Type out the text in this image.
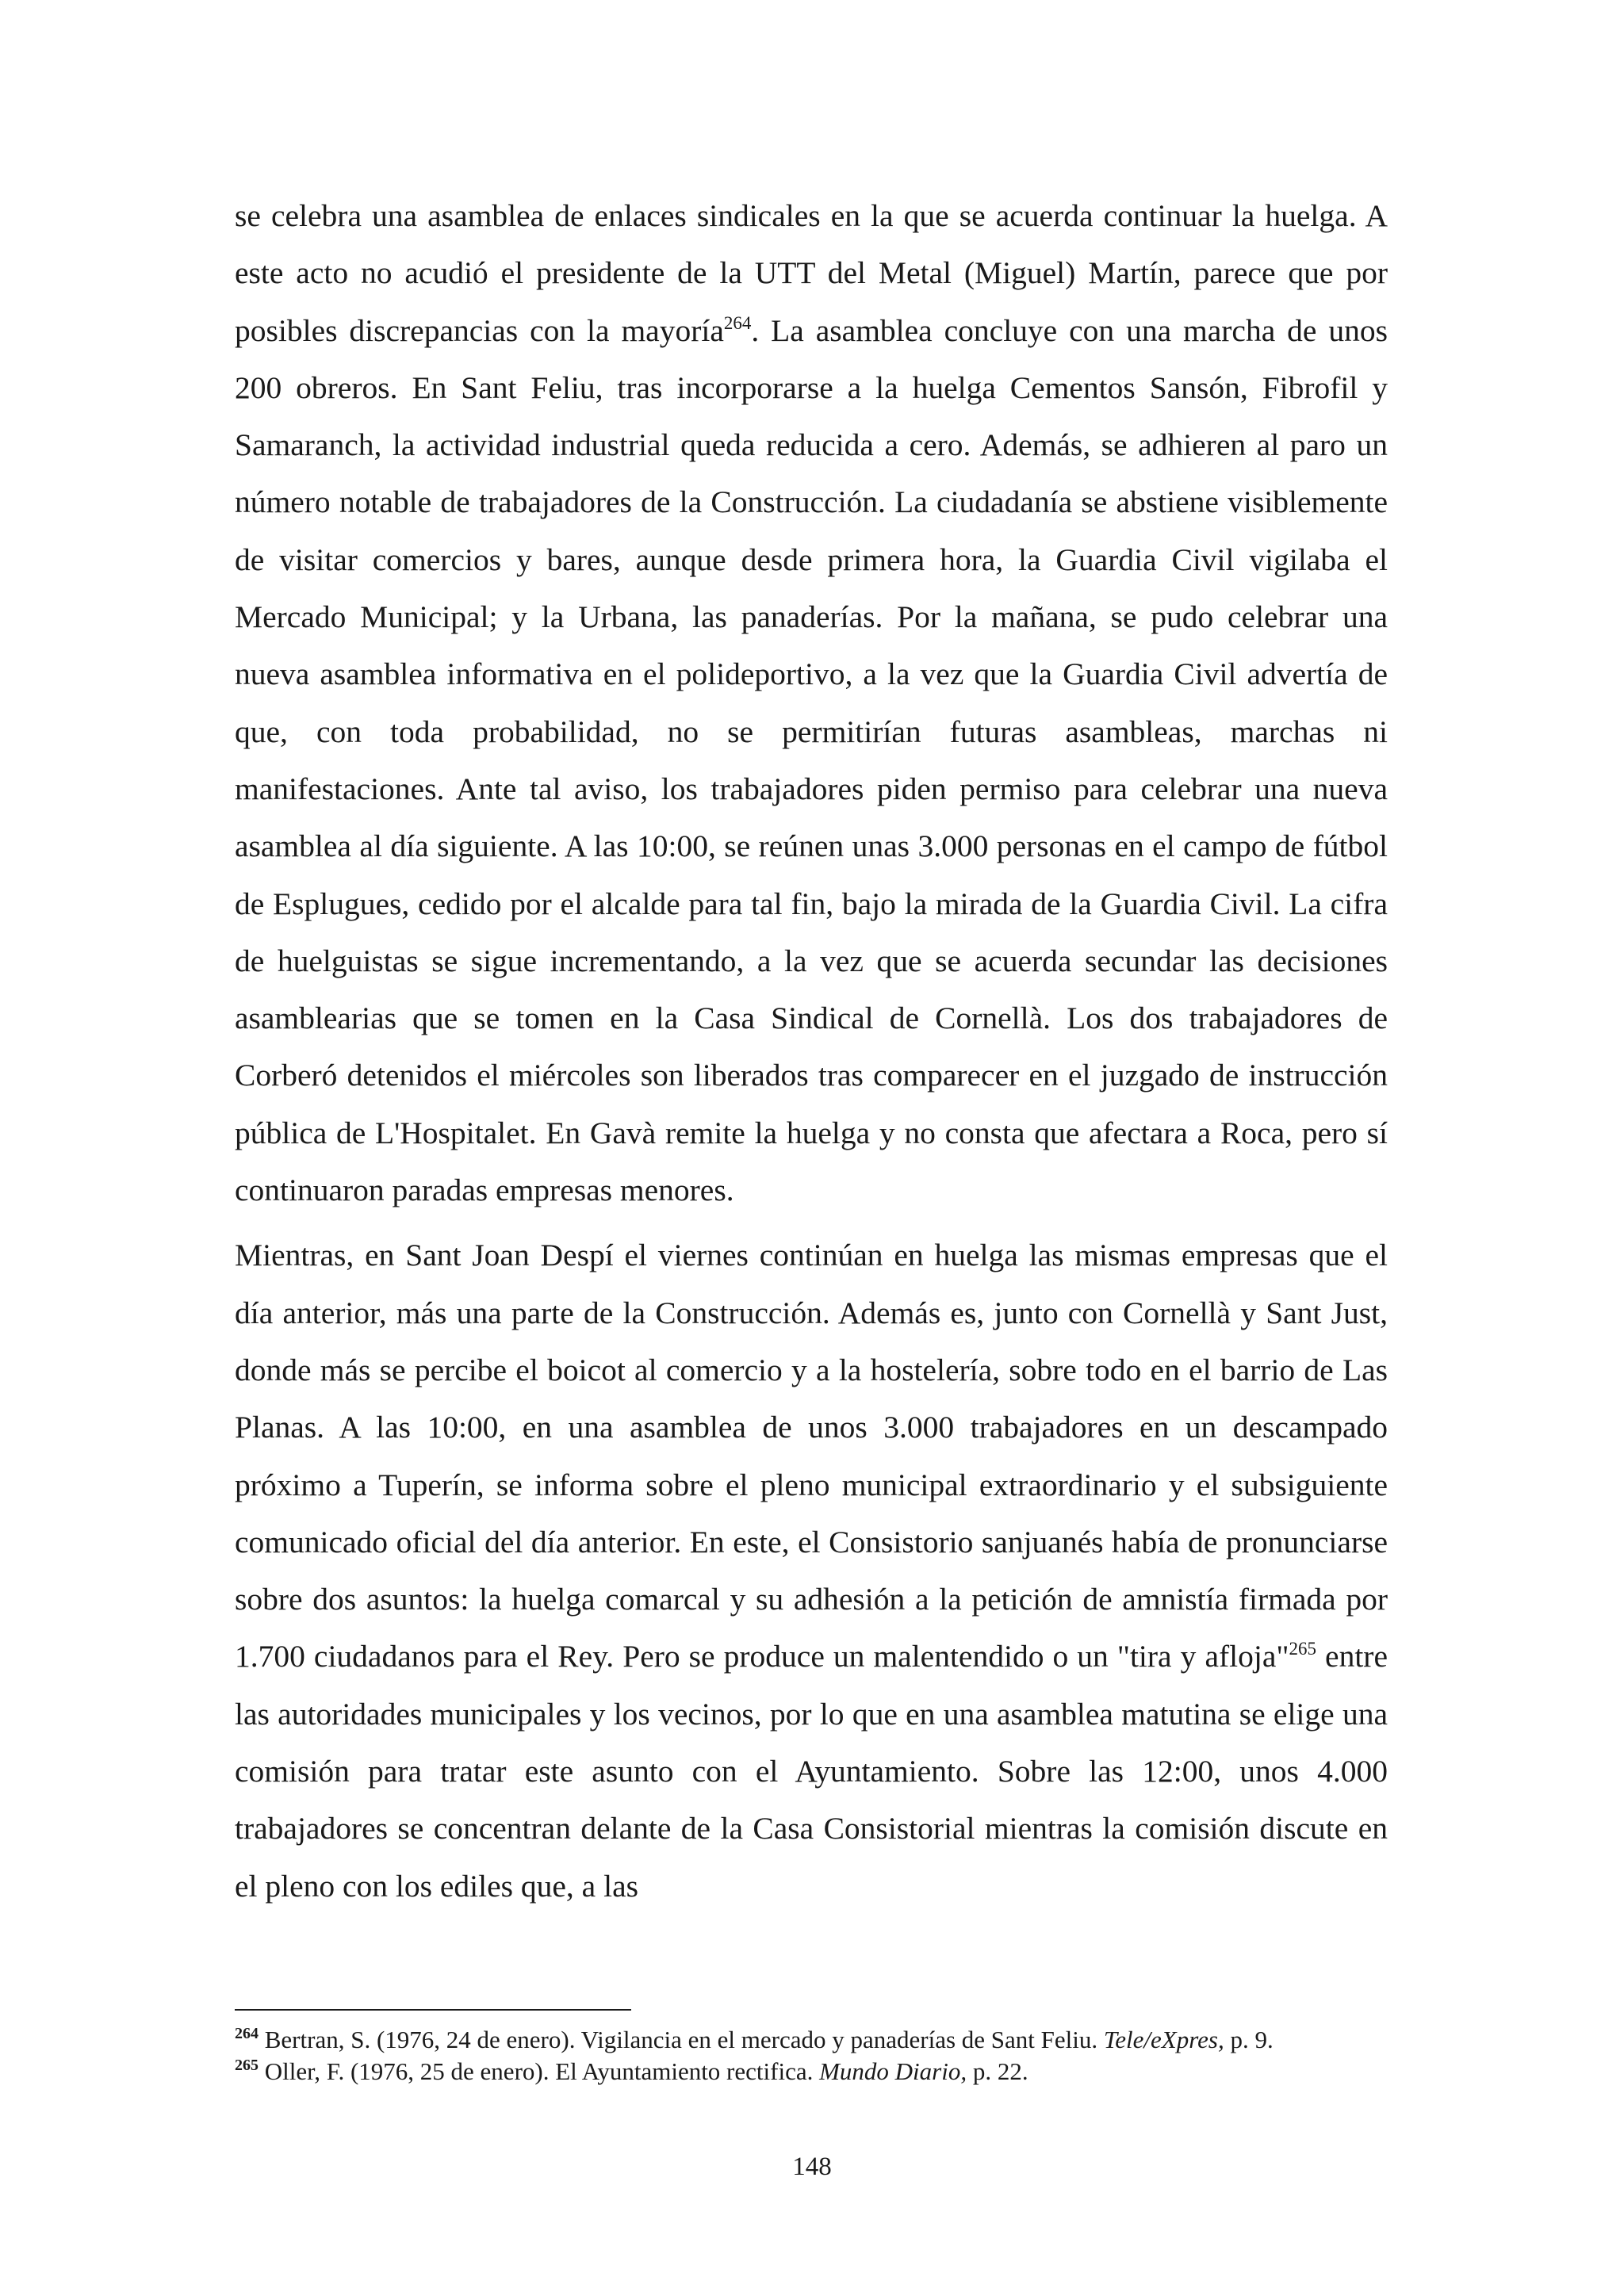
se celebra una asamblea de enlaces sindicales en la que se acuerda continuar la huelga. A este acto no acudió el presidente de la UTT del Metal (Miguel) Martín, parece que por posibles discrepancias con la mayoría$^{264}$. La asamblea concluye con una marcha de unos 200 obreros. En Sant Feliu, tras incorporarse a la huelga Cementos Sansón, Fibrofil y Samaranch, la actividad industrial queda reducida a cero. Además, se adhieren al paro un número notable de trabajadores de la Construcción. La ciudadanía se abstiene visiblemente de visitar comercios y bares, aunque desde primera hora, la Guardia Civil vigilaba el Mercado Municipal; y la Urbana, las panaderías. Por la mañana, se pudo celebrar una nueva asamblea informativa en el polideportivo, a la vez que la Guardia Civil advertía de que, con toda probabilidad, no se permitirían futuras asambleas, marchas ni manifestaciones. Ante tal aviso, los trabajadores piden permiso para celebrar una nueva asamblea al día siguiente. A las 10:00, se reúnen unas 3.000 personas en el campo de fútbol de Esplugues, cedido por el alcalde para tal fin, bajo la mirada de la Guardia Civil. La cifra de huelguistas se sigue incrementando, a la vez que se acuerda secundar las decisiones asamblearias que se tomen en la Casa Sindical de Cornellà. Los dos trabajadores de Corberó detenidos el miércoles son liberados tras comparecer en el juzgado de instrucción pública de L'Hospitalet. En Gavà remite la huelga y no consta que afectara a Roca, pero sí continuaron paradas empresas menores.

Mientras, en Sant Joan Despí el viernes continúan en huelga las mismas empresas que el día anterior, más una parte de la Construcción. Además es, junto con Cornellà y Sant Just, donde más se percibe el boicot al comercio y a la hostelería, sobre todo en el barrio de Las Planas. A las 10:00, en una asamblea de unos 3.000 trabajadores en un descampado próximo a Tuperín, se informa sobre el pleno municipal extraordinario y el subsiguiente comunicado oficial del día anterior. En este, el Consistorio sanjuanés había de pronunciarse sobre dos asuntos: la huelga comarcal y su adhesión a la petición de amnistía firmada por 1.700 ciudadanos para el Rey. Pero se produce un malentendido o un "tira y afloja"$^{265}$ entre las autoridades municipales y los vecinos, por lo que en una asamblea matutina se elige una comisión para tratar este asunto con el Ayuntamiento. Sobre las 12:00, unos 4.000 trabajadores se concentran delante de la Casa Consistorial mientras la comisión discute en el pleno con los ediles que, a las

$^{264}$ Bertran, S. (1976, 24 de enero). Vigilancia en el mercado y panaderías de Sant Feliu. Tele/eXpres, p. 9.

$^{265}$ Oller, F. (1976, 25 de enero). El Ayuntamiento rectifica. Mundo Diario, p. 22.

148
